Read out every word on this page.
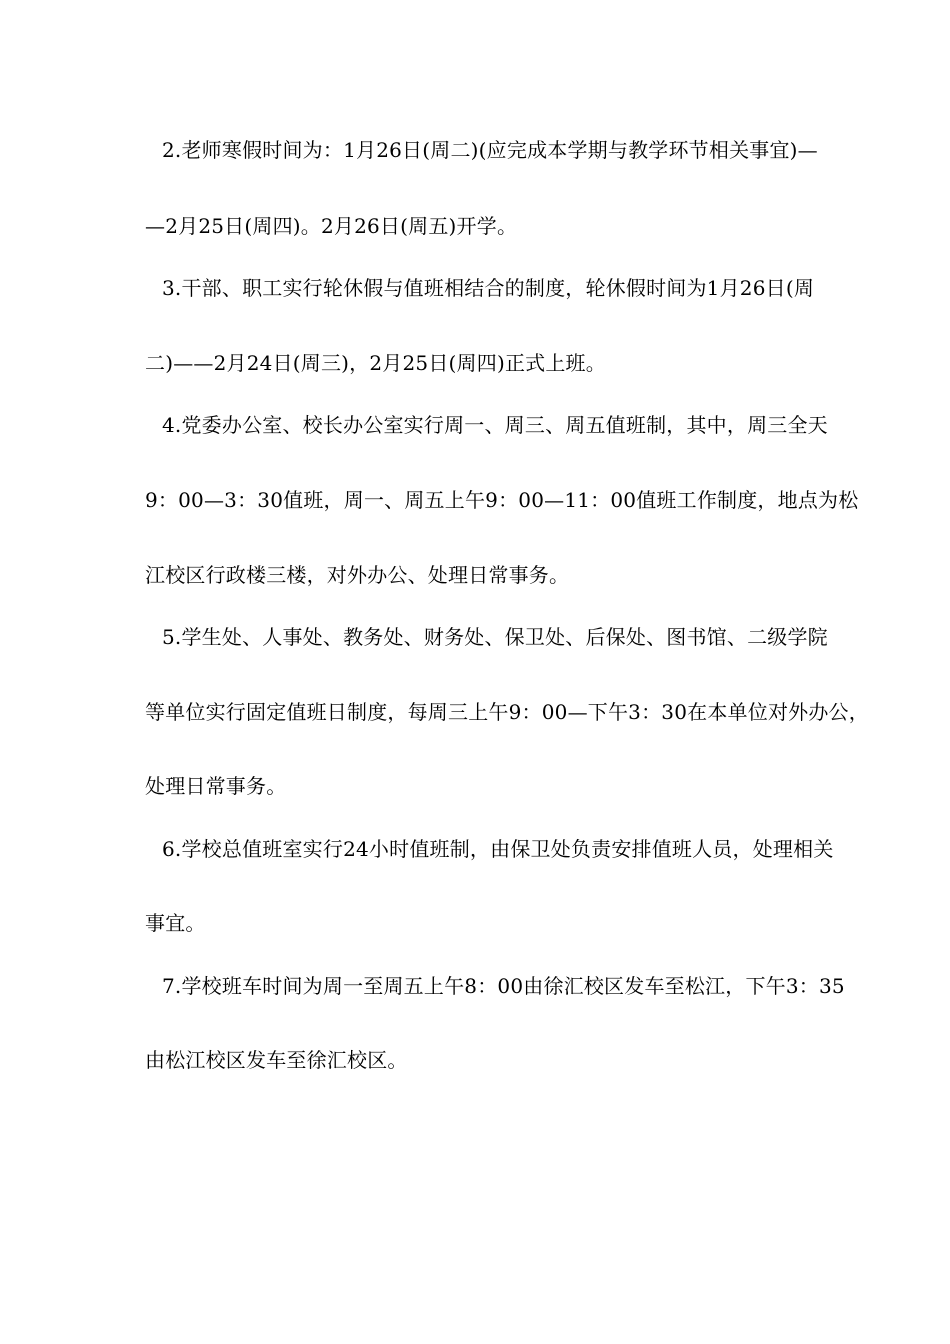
2.老师寒假时间为：1月26日(周二)(应完成本学期与教学环节相关事宜)—
—2月25日(周四)。2月26日(周五)开学。
3.干部、职工实行轮休假与值班相结合的制度，轮休假时间为1月26日(周
二)——2月24日(周三)，2月25日(周四)正式上班。
4.党委办公室、校长办公室实行周一、周三、周五值班制，其中，周三全天
9：00—3：30值班，周一、周五上午9：00—11：00值班工作制度，地点为松
江校区行政楼三楼，对外办公、处理日常事务。
5.学生处、人事处、教务处、财务处、保卫处、后保处、图书馆、二级学院
等单位实行固定值班日制度，每周三上午9：00—下午3：30在本单位对外办公，
处理日常事务。
6.学校总值班室实行24小时值班制，由保卫处负责安排值班人员，处理相关
事宜。
7.学校班车时间为周一至周五上午8：00由徐汇校区发车至松江，下午3：35
由松江校区发车至徐汇校区。
